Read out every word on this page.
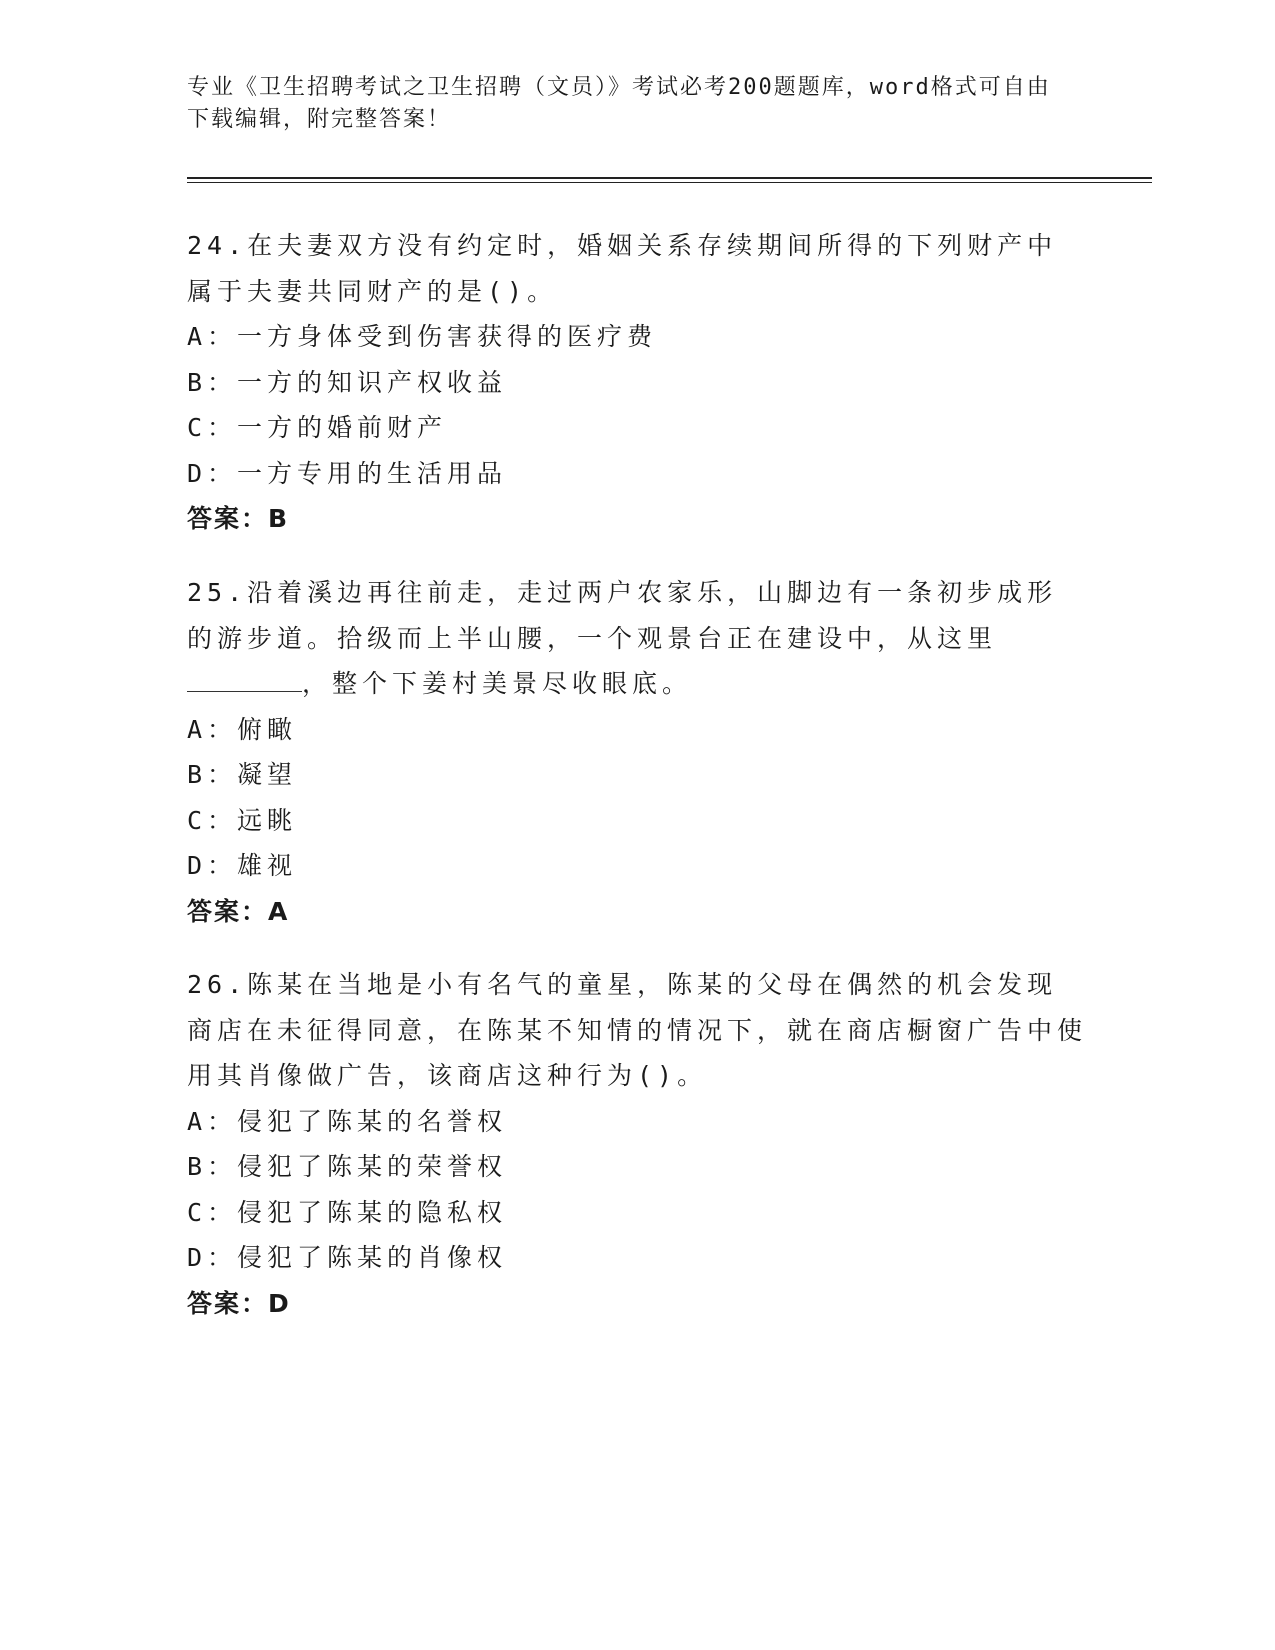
专业《卫生招聘考试之卫生招聘（文员）》考试必考200题题库，word格式可自由下载编辑，附完整答案！

24.在夫妻双方没有约定时，婚姻关系存续期间所得的下列财产中属于夫妻共同财产的是()。

A：一方身体受到伤害获得的医疗费

B：一方的知识产权收益

C：一方的婚前财产

D：一方专用的生活用品

答案：B

25.沿着溪边再往前走，走过两户农家乐，山脚边有一条初步成形的游步道。拾级而上半山腰，一个观景台正在建设中，从这里，整个下姜村美景尽收眼底。

A：俯瞰

B：凝望

C：远眺

D：雄视

答案：A

26.陈某在当地是小有名气的童星，陈某的父母在偶然的机会发现商店在未征得同意，在陈某不知情的情况下，就在商店橱窗广告中使用其肖像做广告，该商店这种行为()。

A：侵犯了陈某的名誉权

B：侵犯了陈某的荣誉权

C：侵犯了陈某的隐私权

D：侵犯了陈某的肖像权

答案：D
